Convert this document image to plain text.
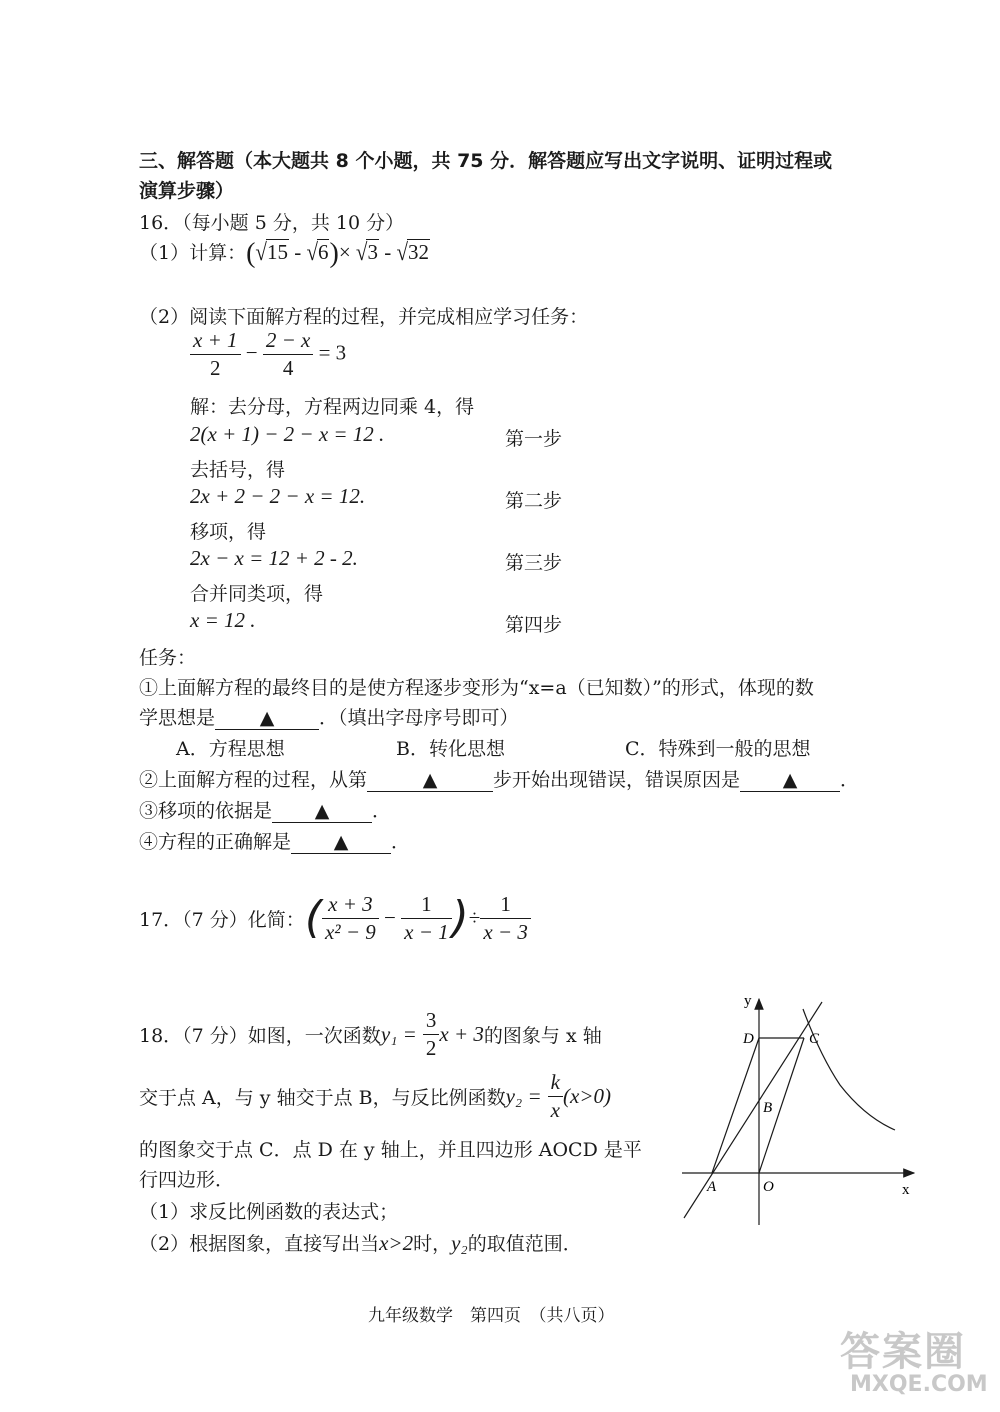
三、解答题（本大题共 8 个小题，共 75 分．解答题应写出文字说明、证明过程或
演算步骤）
16．（每小题 5 分，共 10 分）
（1）计算：(√15 - √6)× √3 - √32
（2）阅读下面解方程的过程，并完成相应学习任务：
$\frac{x + 1}{2} - \frac{2 - x}{4} = 3$
解：去分母，方程两边同乘 4，得
2(x + 1) − 2 − x = 12 .	第一步
去括号，得
2x + 2 − 2 − x = 12.	第二步
移项，得
2x − x = 12 + 2 - 2.	第三步
合并同类项，得
x = 12 .	第四步
任务：
①上面解方程的最终目的是使方程逐步变形为“x=a（已知数）”的形式，体现的数
学思想是 ▲ ．（填出字母序号即可）
A．方程思想	B．转化思想	C．特殊到一般的思想
②上面解方程的过程，从第	▲	步开始出现错误，错误原因是 ▲ ．
③移项的依据是 ▲ ．
④方程的正确解是 ▲ ．
17．（7 分）化简：( $\frac{x + 3}{\text{x² − 9}} - \frac{1}{x - 1}$ )÷ $\frac{1}{x - 3}$
18．（7 分）如图，一次函数$y_1 = \frac{3}{2}$ x + 3的图象与 x 轴
交于点 A，与 y 轴交于点 B，与反比例函数$y_2 = \frac{k}{x} (x>0)$
的图象交于点 C．点 D 在 y 轴上，并且四边形 AOCD 是平
行四边形．
（1）求反比例函数的表达式；
（2）根据图象，直接写出当x>2时，y₂的取值范围．
y
x
D	C
B
A	O
九年级数学　第四页　（共八页）
答案圈
MXQE.COM
